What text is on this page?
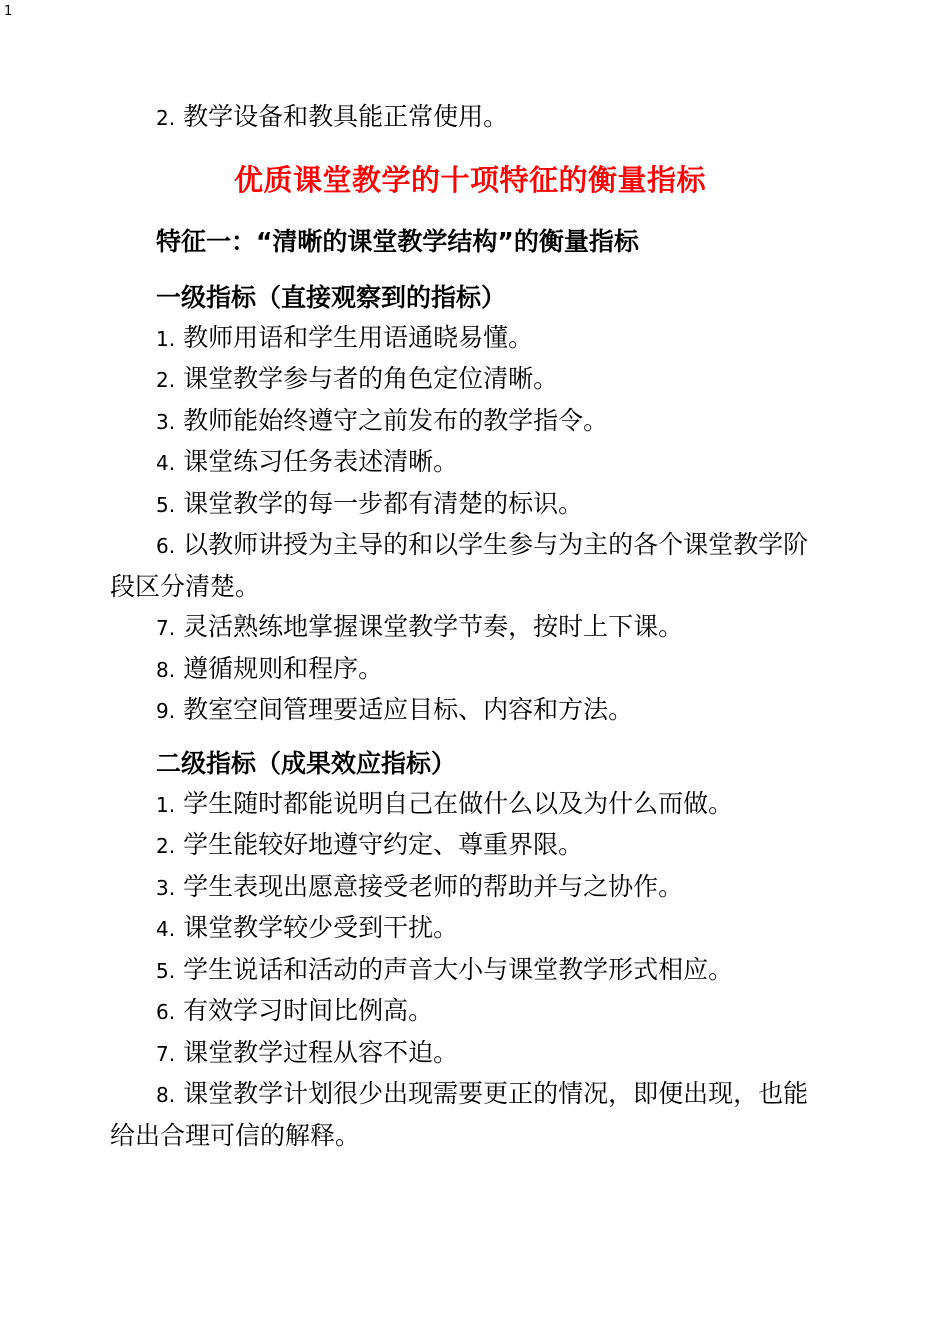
1
2. 教学设备和教具能正常使用。
优质课堂教学的十项特征的衡量指标
特征一：“清晰的课堂教学结构”的衡量指标
一级指标（直接观察到的指标）
1. 教师用语和学生用语通晓易懂。
2. 课堂教学参与者的角色定位清晰。
3. 教师能始终遵守之前发布的教学指令。
4. 课堂练习任务表述清晰。
5. 课堂教学的每一步都有清楚的标识。
6. 以教师讲授为主导的和以学生参与为主的各个课堂教学阶段区分清楚。
7. 灵活熟练地掌握课堂教学节奏，按时上下课。
8. 遵循规则和程序。
9. 教室空间管理要适应目标、内容和方法。
二级指标（成果效应指标）
1. 学生随时都能说明自己在做什么以及为什么而做。
2. 学生能较好地遵守约定、尊重界限。
3. 学生表现出愿意接受老师的帮助并与之协作。
4. 课堂教学较少受到干扰。
5. 学生说话和活动的声音大小与课堂教学形式相应。
6. 有效学习时间比例高。
7. 课堂教学过程从容不迫。
8. 课堂教学计划很少出现需要更正的情况，即便出现，也能给出合理可信的解释。
